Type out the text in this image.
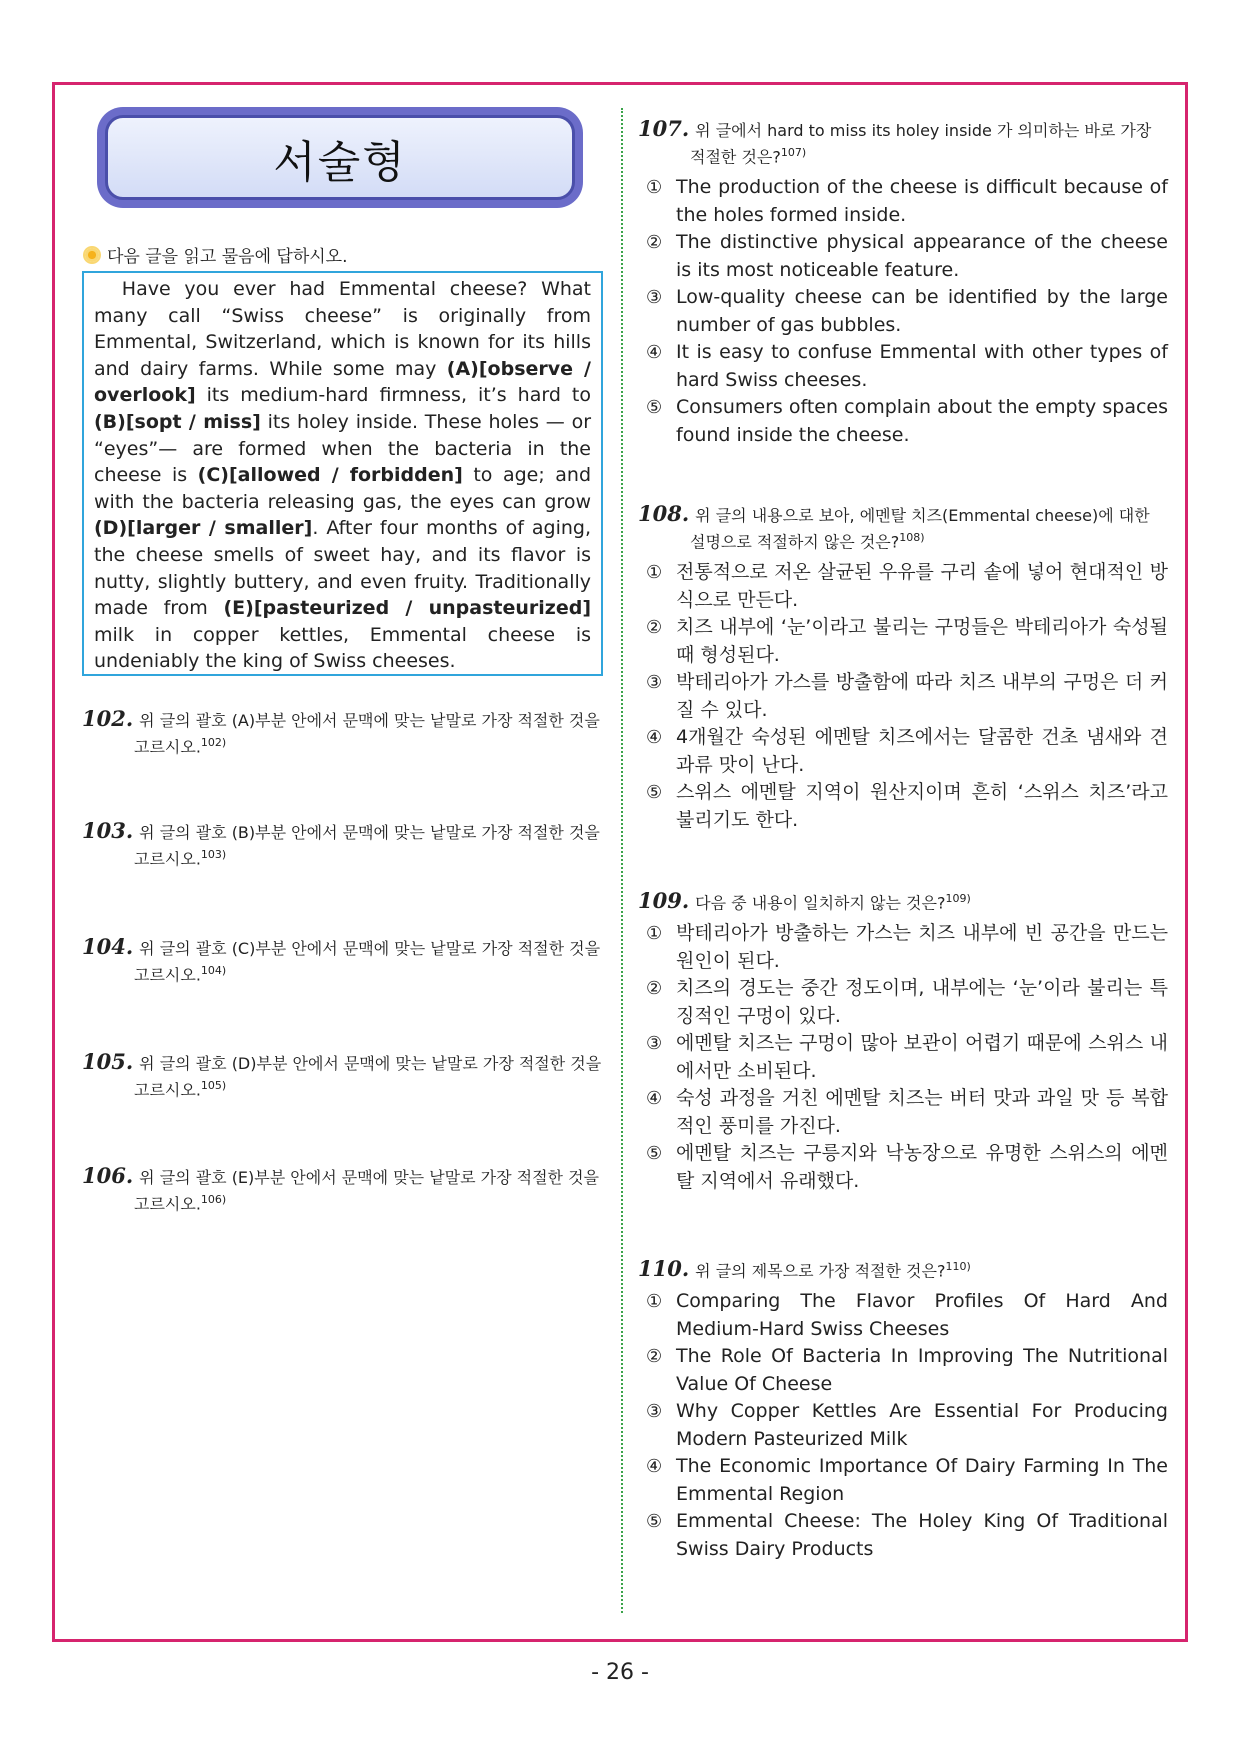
서술형
다음 글을 읽고 물음에 답하시오.
Have you ever had Emmental cheese? What many call “Swiss cheese” is originally from Emmental, Switzerland, which is known for its hills and dairy farms. While some may (A)[observe / overlook] its medium-hard firmness, it’s hard to (B)[sopt / miss] its holey inside. These holes — or “eyes”— are formed when the bacteria in the cheese is (C)[allowed / forbidden] to age; and with the bacteria releasing gas, the eyes can grow (D)[larger / smaller]. After four months of aging, the cheese smells of sweet hay, and its flavor is nutty, slightly buttery, and even fruity. Traditionally made from (E)[pasteurized / unpasteurized] milk in copper kettles, Emmental cheese is undeniably the king of Swiss cheeses.
102. 위 글의 괄호 (A)부분 안에서 문맥에 맞는 낱말로 가장 적절한 것을 고르시오.$^{102)}$
103. 위 글의 괄호 (B)부분 안에서 문맥에 맞는 낱말로 가장 적절한 것을 고르시오.$^{103)}$
104. 위 글의 괄호 (C)부분 안에서 문맥에 맞는 낱말로 가장 적절한 것을 고르시오.$^{104)}$
105. 위 글의 괄호 (D)부분 안에서 문맥에 맞는 낱말로 가장 적절한 것을 고르시오.$^{105)}$
106. 위 글의 괄호 (E)부분 안에서 문맥에 맞는 낱말로 가장 적절한 것을 고르시오.$^{106)}$
107. 위 글에서 hard to miss its holey inside 가 의미하는 바로 가장 적절한 것은?$^{107)}$
① The production of the cheese is difficult because of the holes formed inside.
② The distinctive physical appearance of the cheese is its most noticeable feature.
③ Low-quality cheese can be identified by the large number of gas bubbles.
④ It is easy to confuse Emmental with other types of hard Swiss cheeses.
⑤ Consumers often complain about the empty spaces found inside the cheese.
108. 위 글의 내용으로 보아, 에멘탈 치즈(Emmental cheese)에 대한 설명으로 적절하지 않은 것은?$^{108)}$
① 전통적으로 저온 살균된 우유를 구리 솥에 넣어 현대적인 방식으로 만든다.
② 치즈 내부에 ‘눈’이라고 불리는 구멍들은 박테리아가 숙성될 때 형성된다.
③ 박테리아가 가스를 방출함에 따라 치즈 내부의 구멍은 더 커질 수 있다.
④ 4개월간 숙성된 에멘탈 치즈에서는 달콤한 건초 냄새와 견과류 맛이 난다.
⑤ 스위스 에멘탈 지역이 원산지이며 흔히 ‘스위스 치즈’라고 불리기도 한다.
109. 다음 중 내용이 일치하지 않는 것은?$^{109)}$
① 박테리아가 방출하는 가스는 치즈 내부에 빈 공간을 만드는 원인이 된다.
② 치즈의 경도는 중간 정도이며, 내부에는 ‘눈’이라 불리는 특징적인 구멍이 있다.
③ 에멘탈 치즈는 구멍이 많아 보관이 어렵기 때문에 스위스 내에서만 소비된다.
④ 숙성 과정을 거친 에멘탈 치즈는 버터 맛과 과일 맛 등 복합적인 풍미를 가진다.
⑤ 에멘탈 치즈는 구릉지와 낙농장으로 유명한 스위스의 에멘탈 지역에서 유래했다.
110. 위 글의 제목으로 가장 적절한 것은?$^{110)}$
① Comparing The Flavor Profiles Of Hard And Medium-Hard Swiss Cheeses
② The Role Of Bacteria In Improving The Nutritional Value Of Cheese
③ Why Copper Kettles Are Essential For Producing Modern Pasteurized Milk
④ The Economic Importance Of Dairy Farming In The Emmental Region
⑤ Emmental Cheese: The Holey King Of Traditional Swiss Dairy Products
- 26 -
